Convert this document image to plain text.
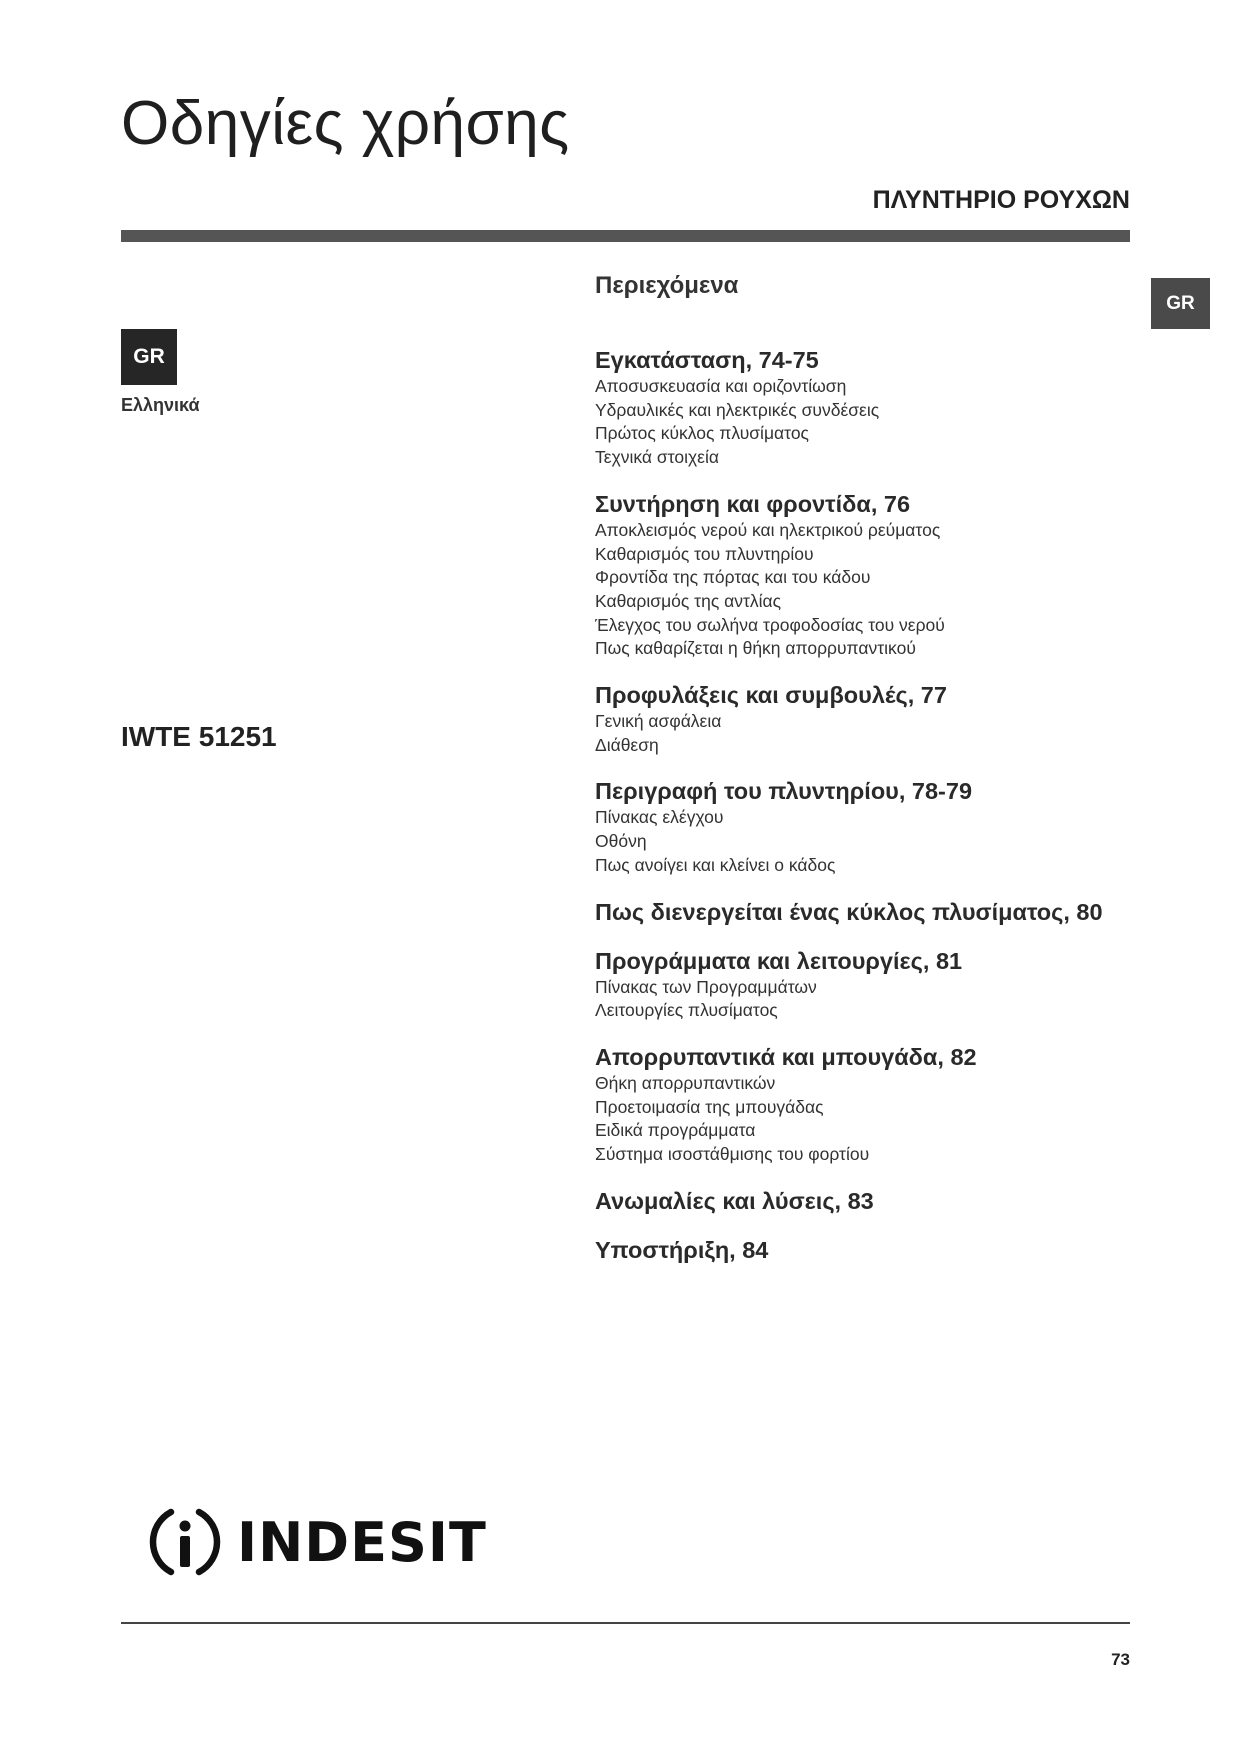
Οδηγίες χρήσης
ΠΛΥΝΤΗΡΙΟ ΡΟΥΧΩΝ
GR
GR
Ελληνικά
IWTE 51251
Περιεχόμενα
Εγκατάσταση, 74-75
Αποσυσκευασία και οριζοντίωση
Υδραυλικές και ηλεκτρικές συνδέσεις
Πρώτος κύκλος πλυσίματος
Τεχνικά στοιχεία
Συντήρηση και φροντίδα, 76
Αποκλεισμός νερού και ηλεκτρικού ρεύματος
Καθαρισμός του πλυντηρίου
Φροντίδα της πόρτας και του κάδου
Καθαρισμός της αντλίας
Έλεγχος του σωλήνα τροφοδοσίας του νερού
Πως καθαρίζεται η θήκη απορρυπαντικού
Προφυλάξεις και συμβουλές, 77
Γενική ασφάλεια
Διάθεση
Περιγραφή του πλυντηρίου, 78-79
Πίνακας ελέγχου
Οθόνη
Πως ανοίγει και κλείνει ο κάδος
Πως διενεργείται ένας κύκλος πλυσίματος, 80
Προγράμματα και λειτουργίες, 81
Πίνακας των Προγραμμάτων
Λειτουργίες πλυσίματος
Απορρυπαντικά και μπουγάδα, 82
Θήκη απορρυπαντικών
Προετοιμασία της μπουγάδας
Ειδικά προγράμματα
Σύστημα ισοστάθμισης του φορτίου
Ανωμαλίες και λύσεις, 83
Υποστήριξη, 84
INDESIT
73
